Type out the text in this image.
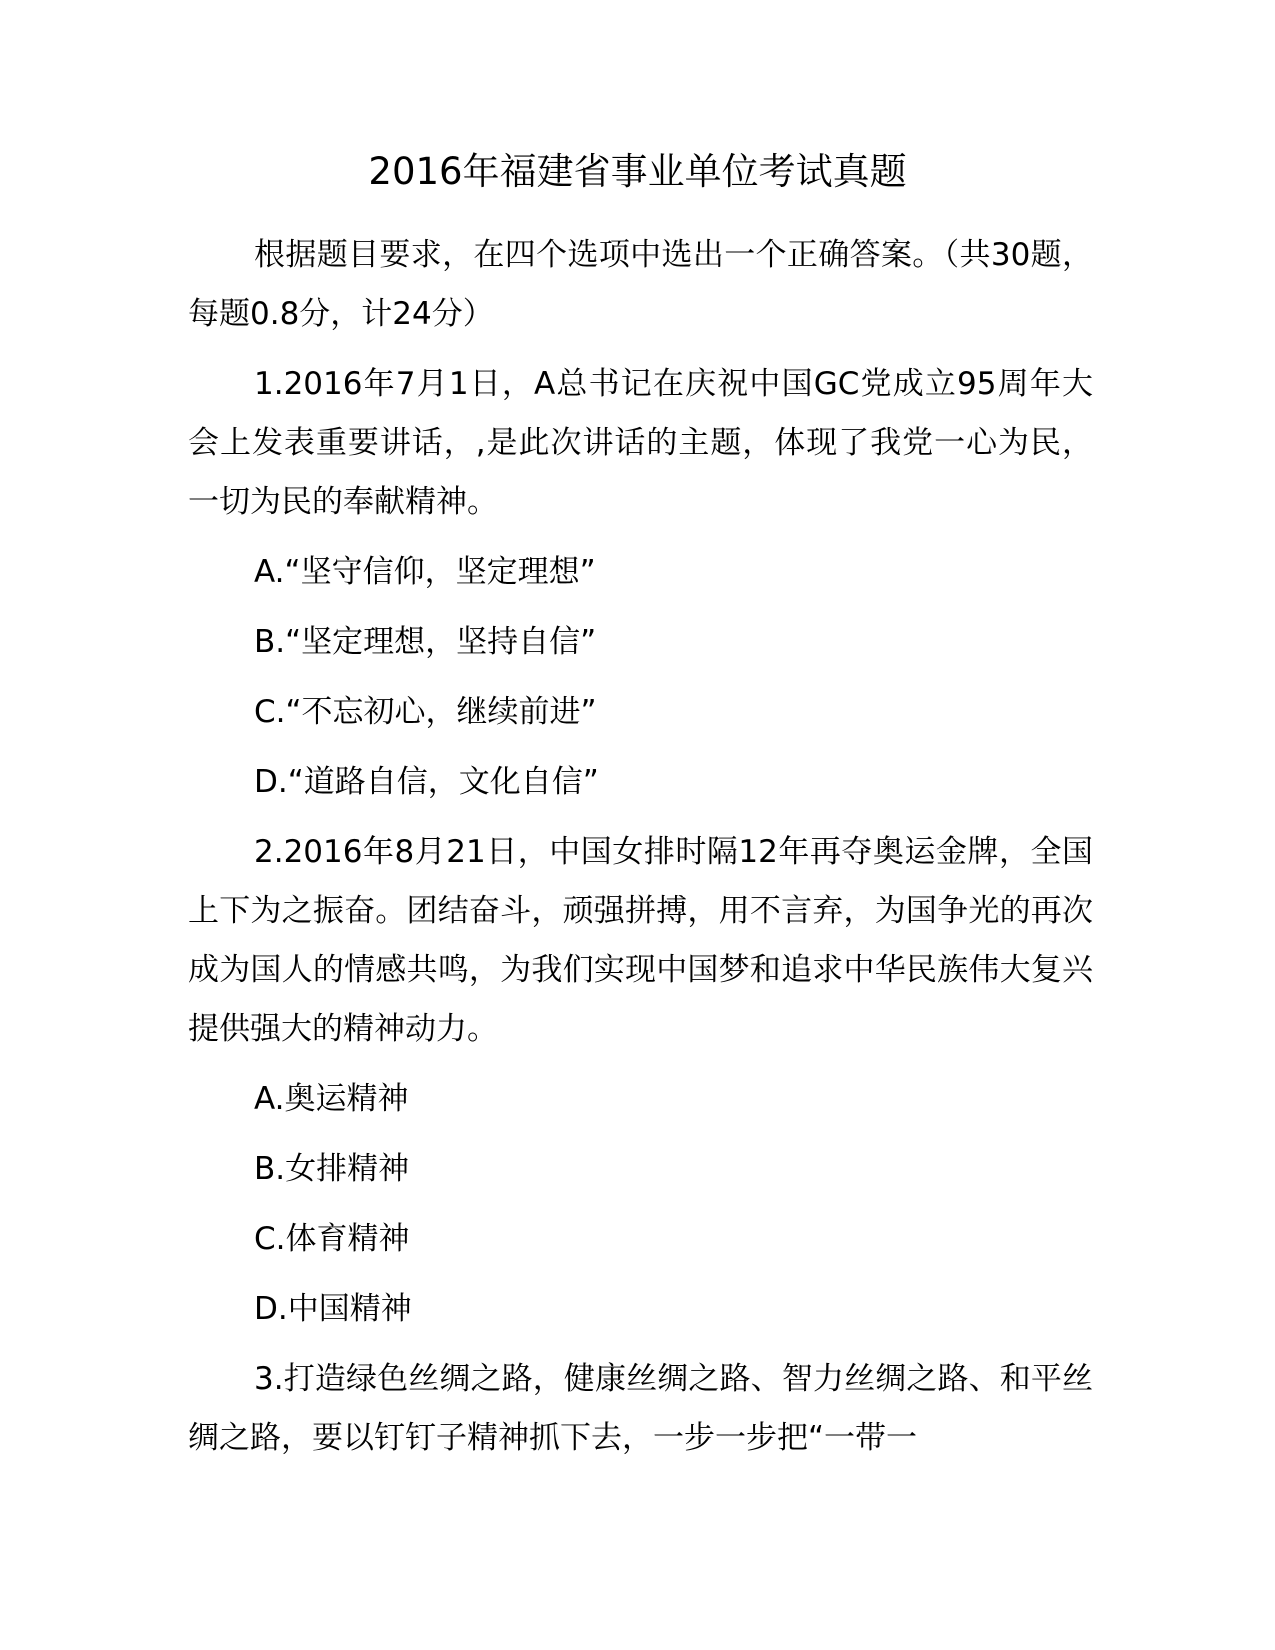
2016年福建省事业单位考试真题

根据题目要求，在四个选项中选出一个正确答案。（共30题，每题0.8分，计24分）

1.2016年7月1日，A总书记在庆祝中国GC党成立95周年大会上发表重要讲话，,是此次讲话的主题，体现了我党一心为民，一切为民的奉献精神。

A.“坚守信仰，坚定理想”
B.“坚定理想，坚持自信”
C.“不忘初心，继续前进”
D.“道路自信，文化自信”

2.2016年8月21日，中国女排时隔12年再夺奥运金牌，全国上下为之振奋。团结奋斗，顽强拼搏，用不言弃，为国争光的再次成为国人的情感共鸣，为我们实现中国梦和追求中华民族伟大复兴提供强大的精神动力。

A.奥运精神
B.女排精神
C.体育精神
D.中国精神

3.打造绿色丝绸之路，健康丝绸之路、智力丝绸之路、和平丝绸之路，要以钉钉子精神抓下去，一步一步把“一带一
